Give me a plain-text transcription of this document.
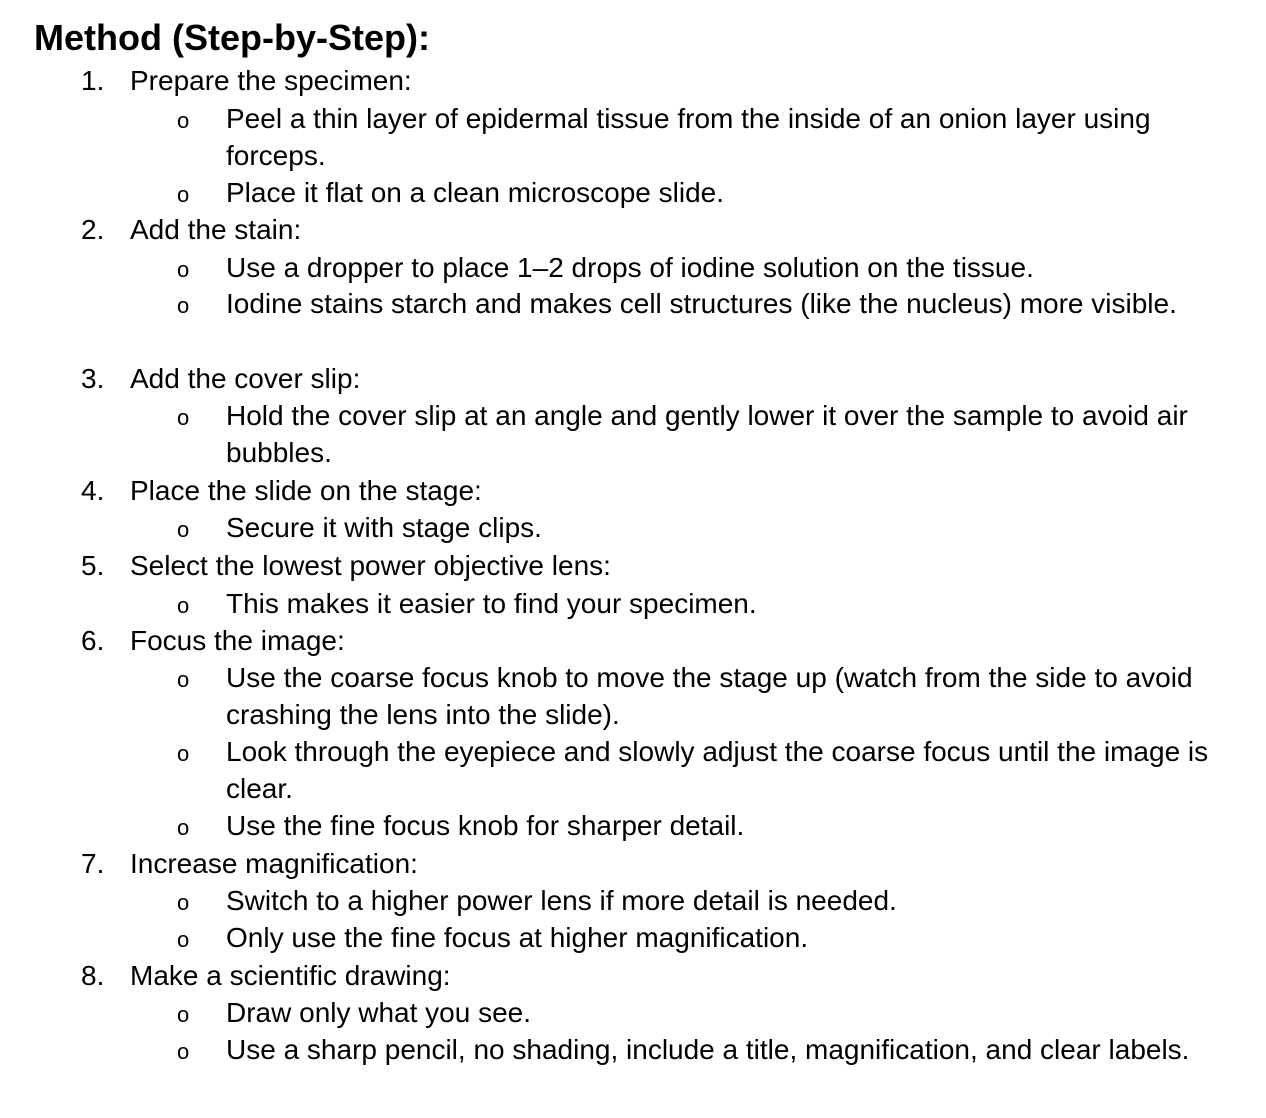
Method (Step-by-Step):
1. Prepare the specimen:
o Peel a thin layer of epidermal tissue from the inside of an onion layer using forceps.
o Place it flat on a clean microscope slide.
2. Add the stain:
o Use a dropper to place 1–2 drops of iodine solution on the tissue.
o Iodine stains starch and makes cell structures (like the nucleus) more visible.
3. Add the cover slip:
o Hold the cover slip at an angle and gently lower it over the sample to avoid air bubbles.
4. Place the slide on the stage:
o Secure it with stage clips.
5. Select the lowest power objective lens:
o This makes it easier to find your specimen.
6. Focus the image:
o Use the coarse focus knob to move the stage up (watch from the side to avoid crashing the lens into the slide).
o Look through the eyepiece and slowly adjust the coarse focus until the image is clear.
o Use the fine focus knob for sharper detail.
7. Increase magnification:
o Switch to a higher power lens if more detail is needed.
o Only use the fine focus at higher magnification.
8. Make a scientific drawing:
o Draw only what you see.
o Use a sharp pencil, no shading, include a title, magnification, and clear labels.
